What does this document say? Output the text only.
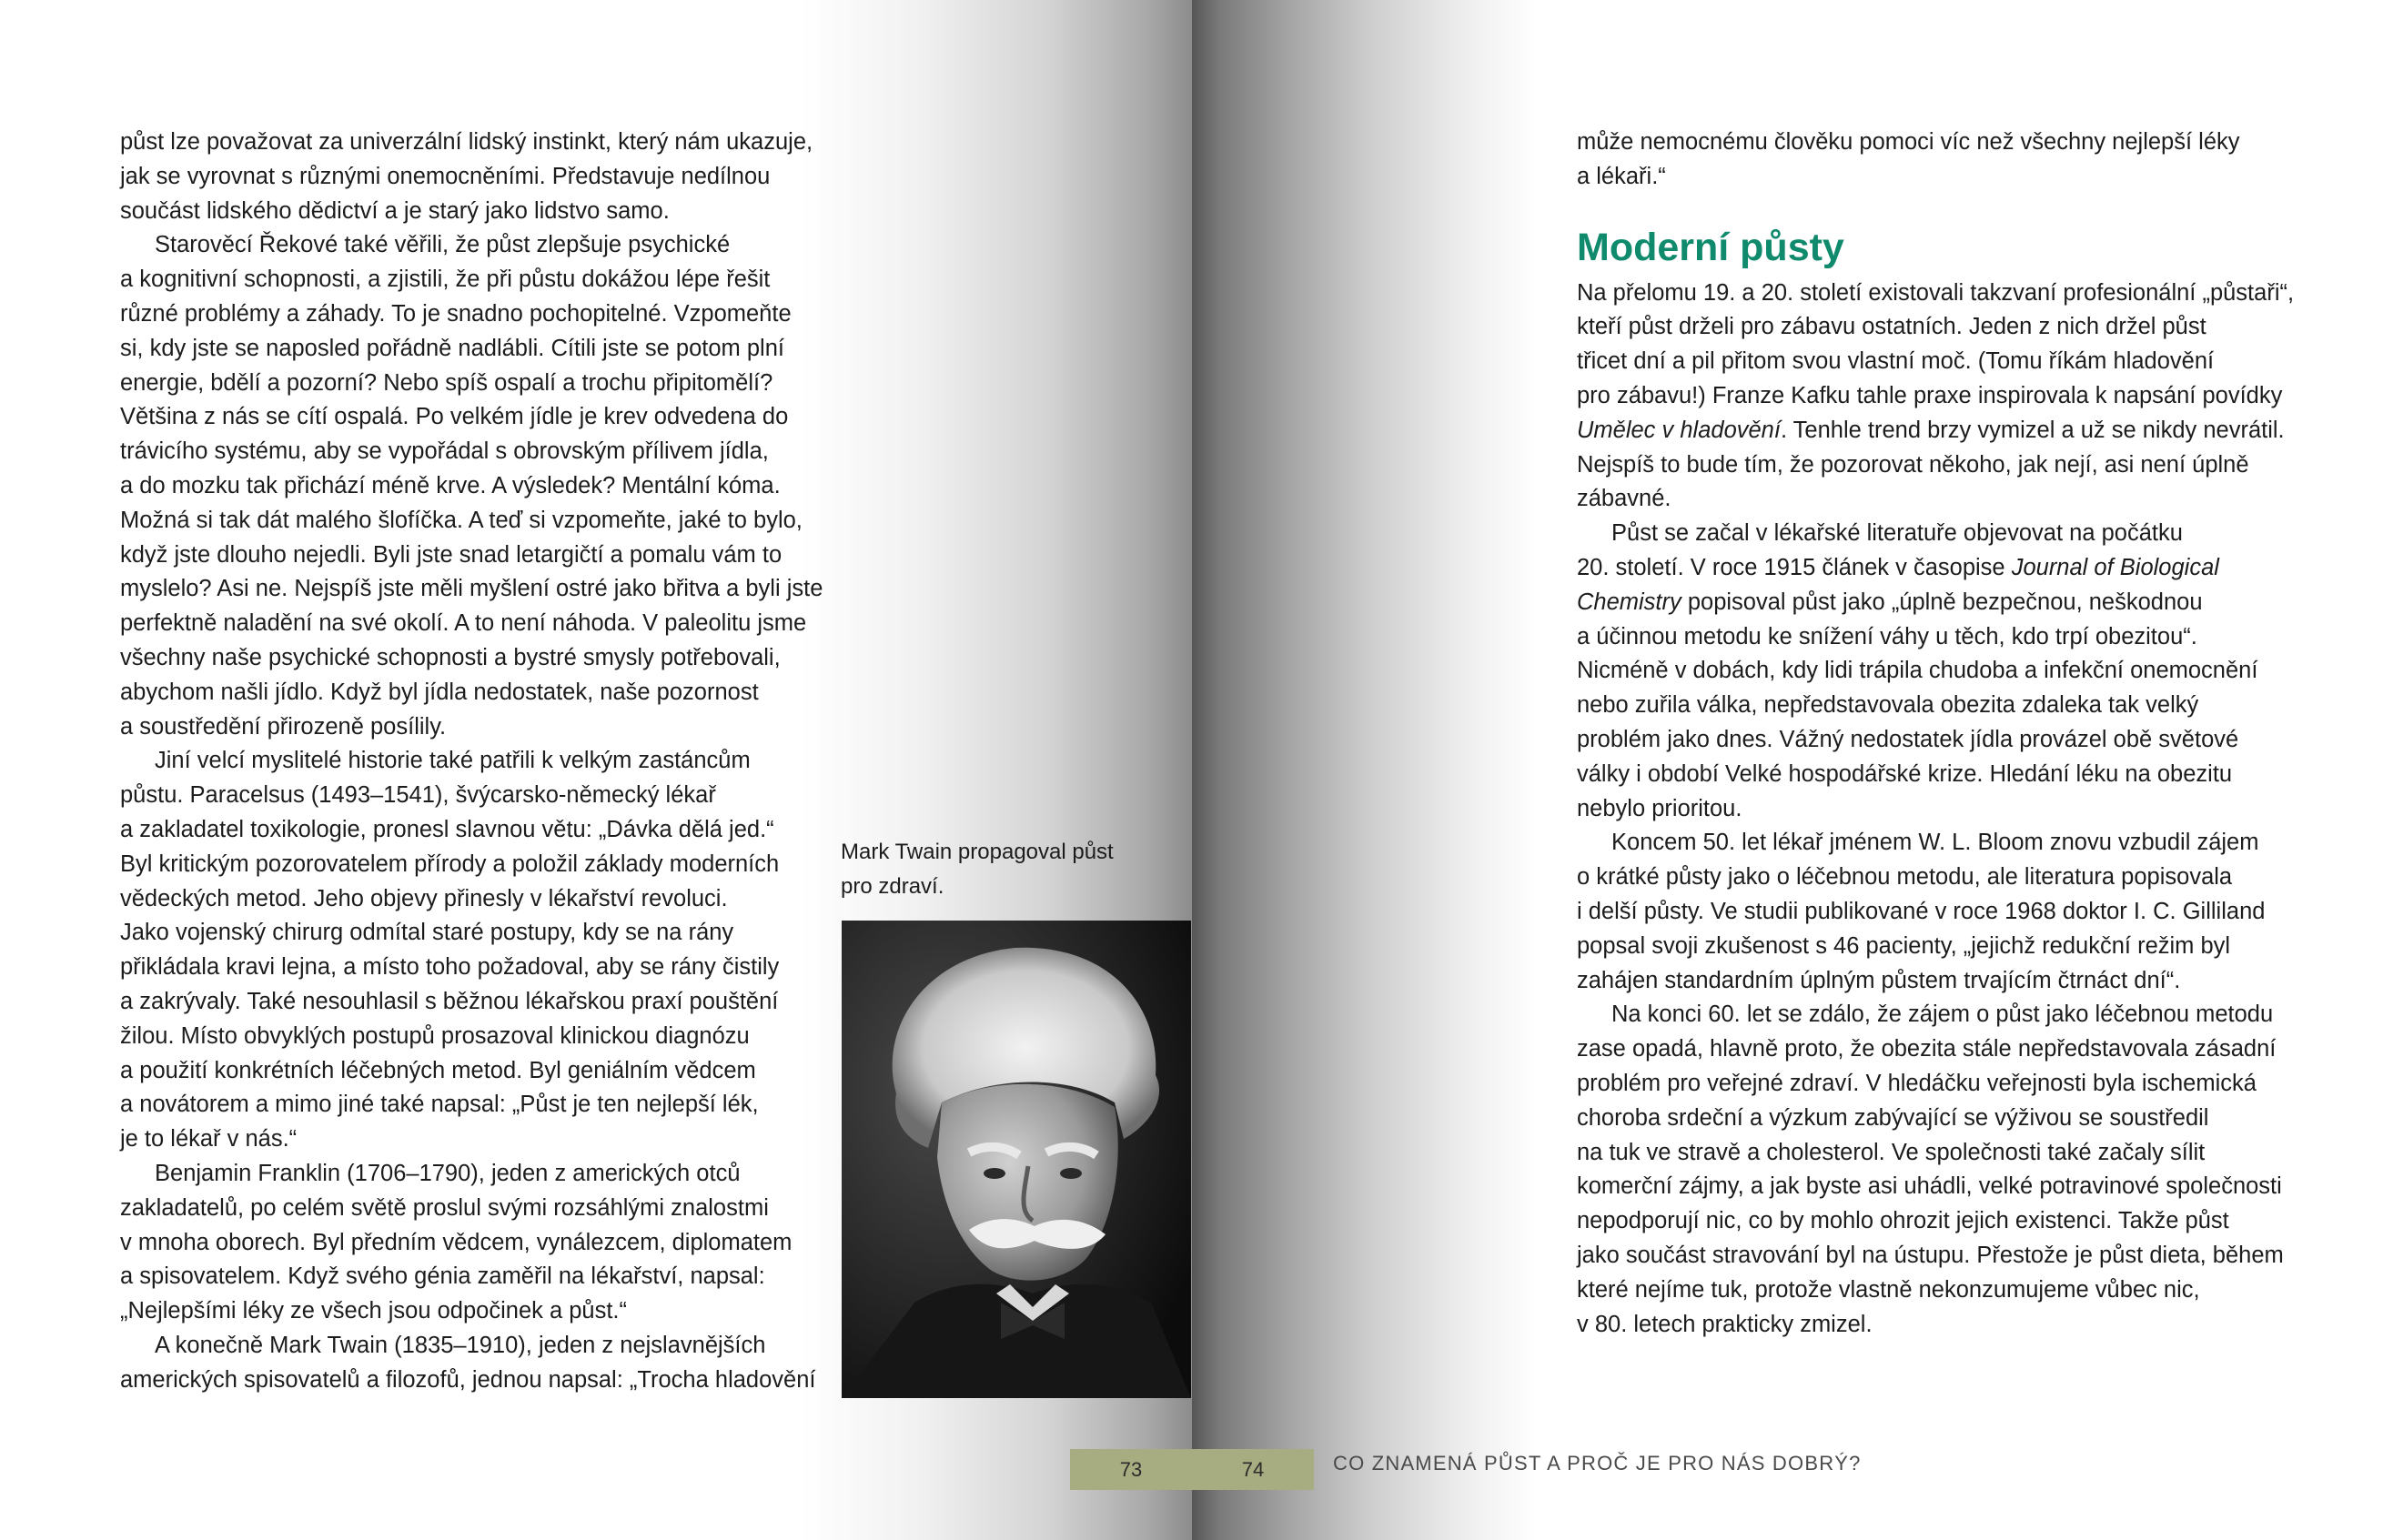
půst lze považovat za univerzální lidský instinkt, který nám ukazuje,
jak se vyrovnat s různými onemocněními. Představuje nedílnou
součást lidského dědictví a je starý jako lidstvo samo.
Starověcí Řekové také věřili, že půst zlepšuje psychické
a kognitivní schopnosti, a zjistili, že při půstu dokážou lépe řešit
různé problémy a záhady. To je snadno pochopitelné. Vzpomeňte
si, kdy jste se naposled pořádně nadlábli. Cítili jste se potom plní
energie, bdělí a pozorní? Nebo spíš ospalí a trochu připitomělí?
Většina z nás se cítí ospalá. Po velkém jídle je krev odvedena do
trávicího systému, aby se vypořádal s obrovským přílivem jídla,
a do mozku tak přichází méně krve. A výsledek? Mentální kóma.
Možná si tak dát malého šlofíčka. A teď si vzpomeňte, jaké to bylo,
když jste dlouho nejedli. Byli jste snad letargičtí a pomalu vám to
myslelo? Asi ne. Nejspíš jste měli myšlení ostré jako břitva a byli jste
perfektně naladění na své okolí. A to není náhoda. V paleolitu jsme
všechny naše psychické schopnosti a bystré smysly potřebovali,
abychom našli jídlo. Když byl jídla nedostatek, naše pozornost
a soustředění přirozeně posílily.
Jiní velcí myslitelé historie také patřili k velkým zastáncům
půstu. Paracelsus (1493–1541), švýcarsko-německý lékař
a zakladatel toxikologie, pronesl slavnou větu: „Dávka dělá jed.“
Byl kritickým pozorovatelem přírody a položil základy moderních
vědeckých metod. Jeho objevy přinesly v lékařství revoluci.
Jako vojenský chirurg odmítal staré postupy, kdy se na rány
přikládala kravi lejna, a místo toho požadoval, aby se rány čistily
a zakrývaly. Také nesouhlasil s běžnou lékařskou praxí pouštění
žilou. Místo obvyklých postupů prosazoval klinickou diagnózu
a použití konkrétních léčebných metod. Byl geniálním vědcem
a novátorem a mimo jiné také napsal: „Půst je ten nejlepší lék,
je to lékař v nás.“
Benjamin Franklin (1706–1790), jeden z amerických otců
zakladatelů, po celém světě proslul svými rozsáhlými znalostmi
v mnoha oborech. Byl předním vědcem, vynálezcem, diplomatem
a spisovatelem. Když svého génia zaměřil na lékařství, napsal:
„Nejlepšími léky ze všech jsou odpočinek a půst.“
A konečně Mark Twain (1835–1910), jeden z nejslavnějších
amerických spisovatelů a filozofů, jednou napsal: „Trocha hladovění
Mark Twain propagoval půst
pro zdraví.
73
může nemocnému člověku pomoci víc než všechny nejlepší léky
a lékaři.“
Moderní půsty
Na přelomu 19. a 20. století existovali takzvaní profesionální „půstaři“,
kteří půst drželi pro zábavu ostatních. Jeden z nich držel půst
třicet dní a pil přitom svou vlastní moč. (Tomu říkám hladovění
pro zábavu!) Franze Kafku tahle praxe inspirovala k napsání povídky
Umělec v hladovění. Tenhle trend brzy vymizel a už se nikdy nevrátil.
Nejspíš to bude tím, že pozorovat někoho, jak nejí, asi není úplně
zábavné.
Půst se začal v lékařské literatuře objevovat na počátku
20. století. V roce 1915 článek v časopise Journal of Biological
Chemistry popisoval půst jako „úplně bezpečnou, neškodnou
a účinnou metodu ke snížení váhy u těch, kdo trpí obezitou“.
Nicméně v dobách, kdy lidi trápila chudoba a infekční onemocnění
nebo zuřila válka, nepředstavovala obezita zdaleka tak velký
problém jako dnes. Vážný nedostatek jídla provázel obě světové
války i období Velké hospodářské krize. Hledání léku na obezitu
nebylo prioritou.
Koncem 50. let lékař jménem W. L. Bloom znovu vzbudil zájem
o krátké půsty jako o léčebnou metodu, ale literatura popisovala
i delší půsty. Ve studii publikované v roce 1968 doktor I. C. Gilliland
popsal svoji zkušenost s 46 pacienty, „jejichž redukční režim byl
zahájen standardním úplným půstem trvajícím čtrnáct dní“.
Na konci 60. let se zdálo, že zájem o půst jako léčebnou metodu
zase opadá, hlavně proto, že obezita stále nepředstavovala zásadní
problém pro veřejné zdraví. V hledáčku veřejnosti byla ischemická
choroba srdeční a výzkum zabývající se výživou se soustředil
na tuk ve stravě a cholesterol. Ve společnosti také začaly sílit
komerční zájmy, a jak byste asi uhádli, velké potravinové společnosti
nepodporují nic, co by mohlo ohrozit jejich existenci. Takže půst
jako součást stravování byl na ústupu. Přestože je půst dieta, během
které nejíme tuk, protože vlastně nekonzumujeme vůbec nic,
v 80. letech prakticky zmizel.
74	CO ZNAMENÁ PŮST A PROČ JE PRO NÁS DOBRÝ?
